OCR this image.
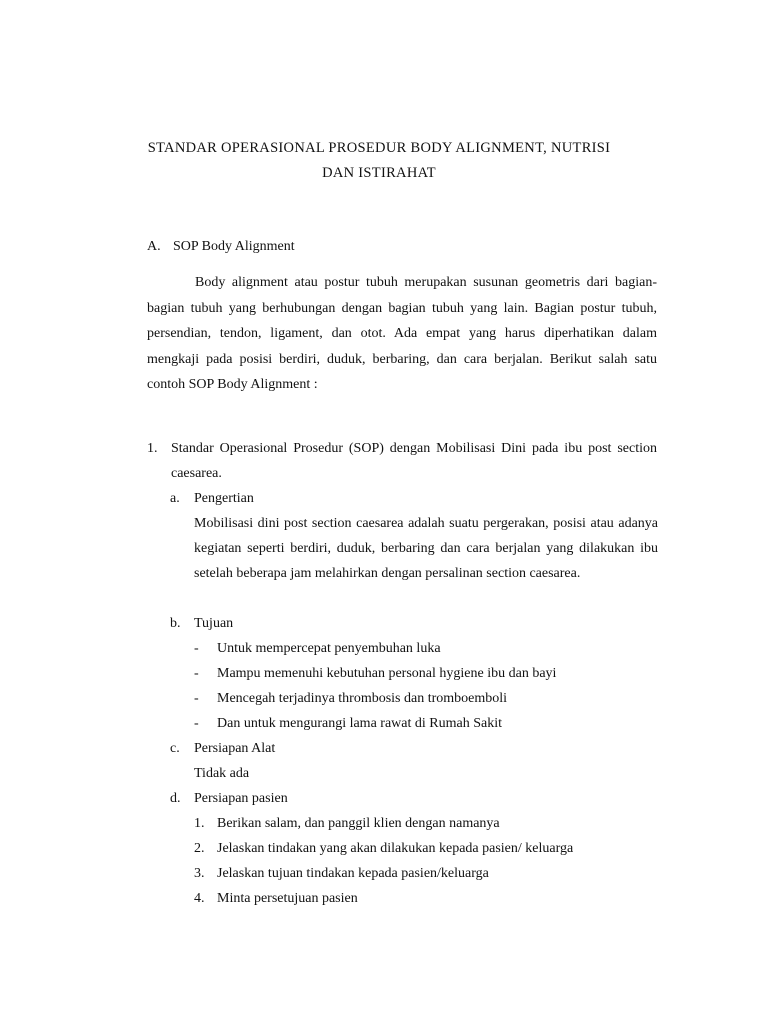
STANDAR OPERASIONAL PROSEDUR BODY ALIGNMENT, NUTRISI
DAN ISTIRAHAT
A. SOP Body Alignment

Body alignment atau postur tubuh merupakan susunan geometris dari bagian-bagian tubuh yang berhubungan dengan bagian tubuh yang lain. Bagian postur tubuh, persendian, tendon, ligament, dan otot. Ada empat yang harus diperhatikan dalam mengkaji pada posisi berdiri, duduk, berbaring, dan cara berjalan. Berikut salah satu contoh SOP Body Alignment :

1. Standar Operasional Prosedur (SOP) dengan Mobilisasi Dini pada ibu post section caesarea.
a.	Pengertian

Mobilisasi dini post section caesarea adalah suatu pergerakan, posisi atau adanya kegiatan seperti berdiri, duduk, berbaring dan cara berjalan yang dilakukan ibu setelah beberapa jam melahirkan dengan persalinan section caesarea.

b. Tujuan
-	Untuk mempercepat penyembuhan luka
-	Mampu memenuhi kebutuhan personal hygiene ibu dan bayi
-	Mencegah terjadinya thrombosis dan tromboemboli
-	Dan untuk mengurangi lama rawat di Rumah Sakit
c.	Persiapan Alat
Tidak ada
d. Persiapan pasien
1. Berikan salam, dan panggil klien dengan namanya
2. Jelaskan tindakan yang akan dilakukan kepada pasien/ keluarga
3. Jelaskan tujuan tindakan kepada pasien/keluarga
4. Minta persetujuan pasien
